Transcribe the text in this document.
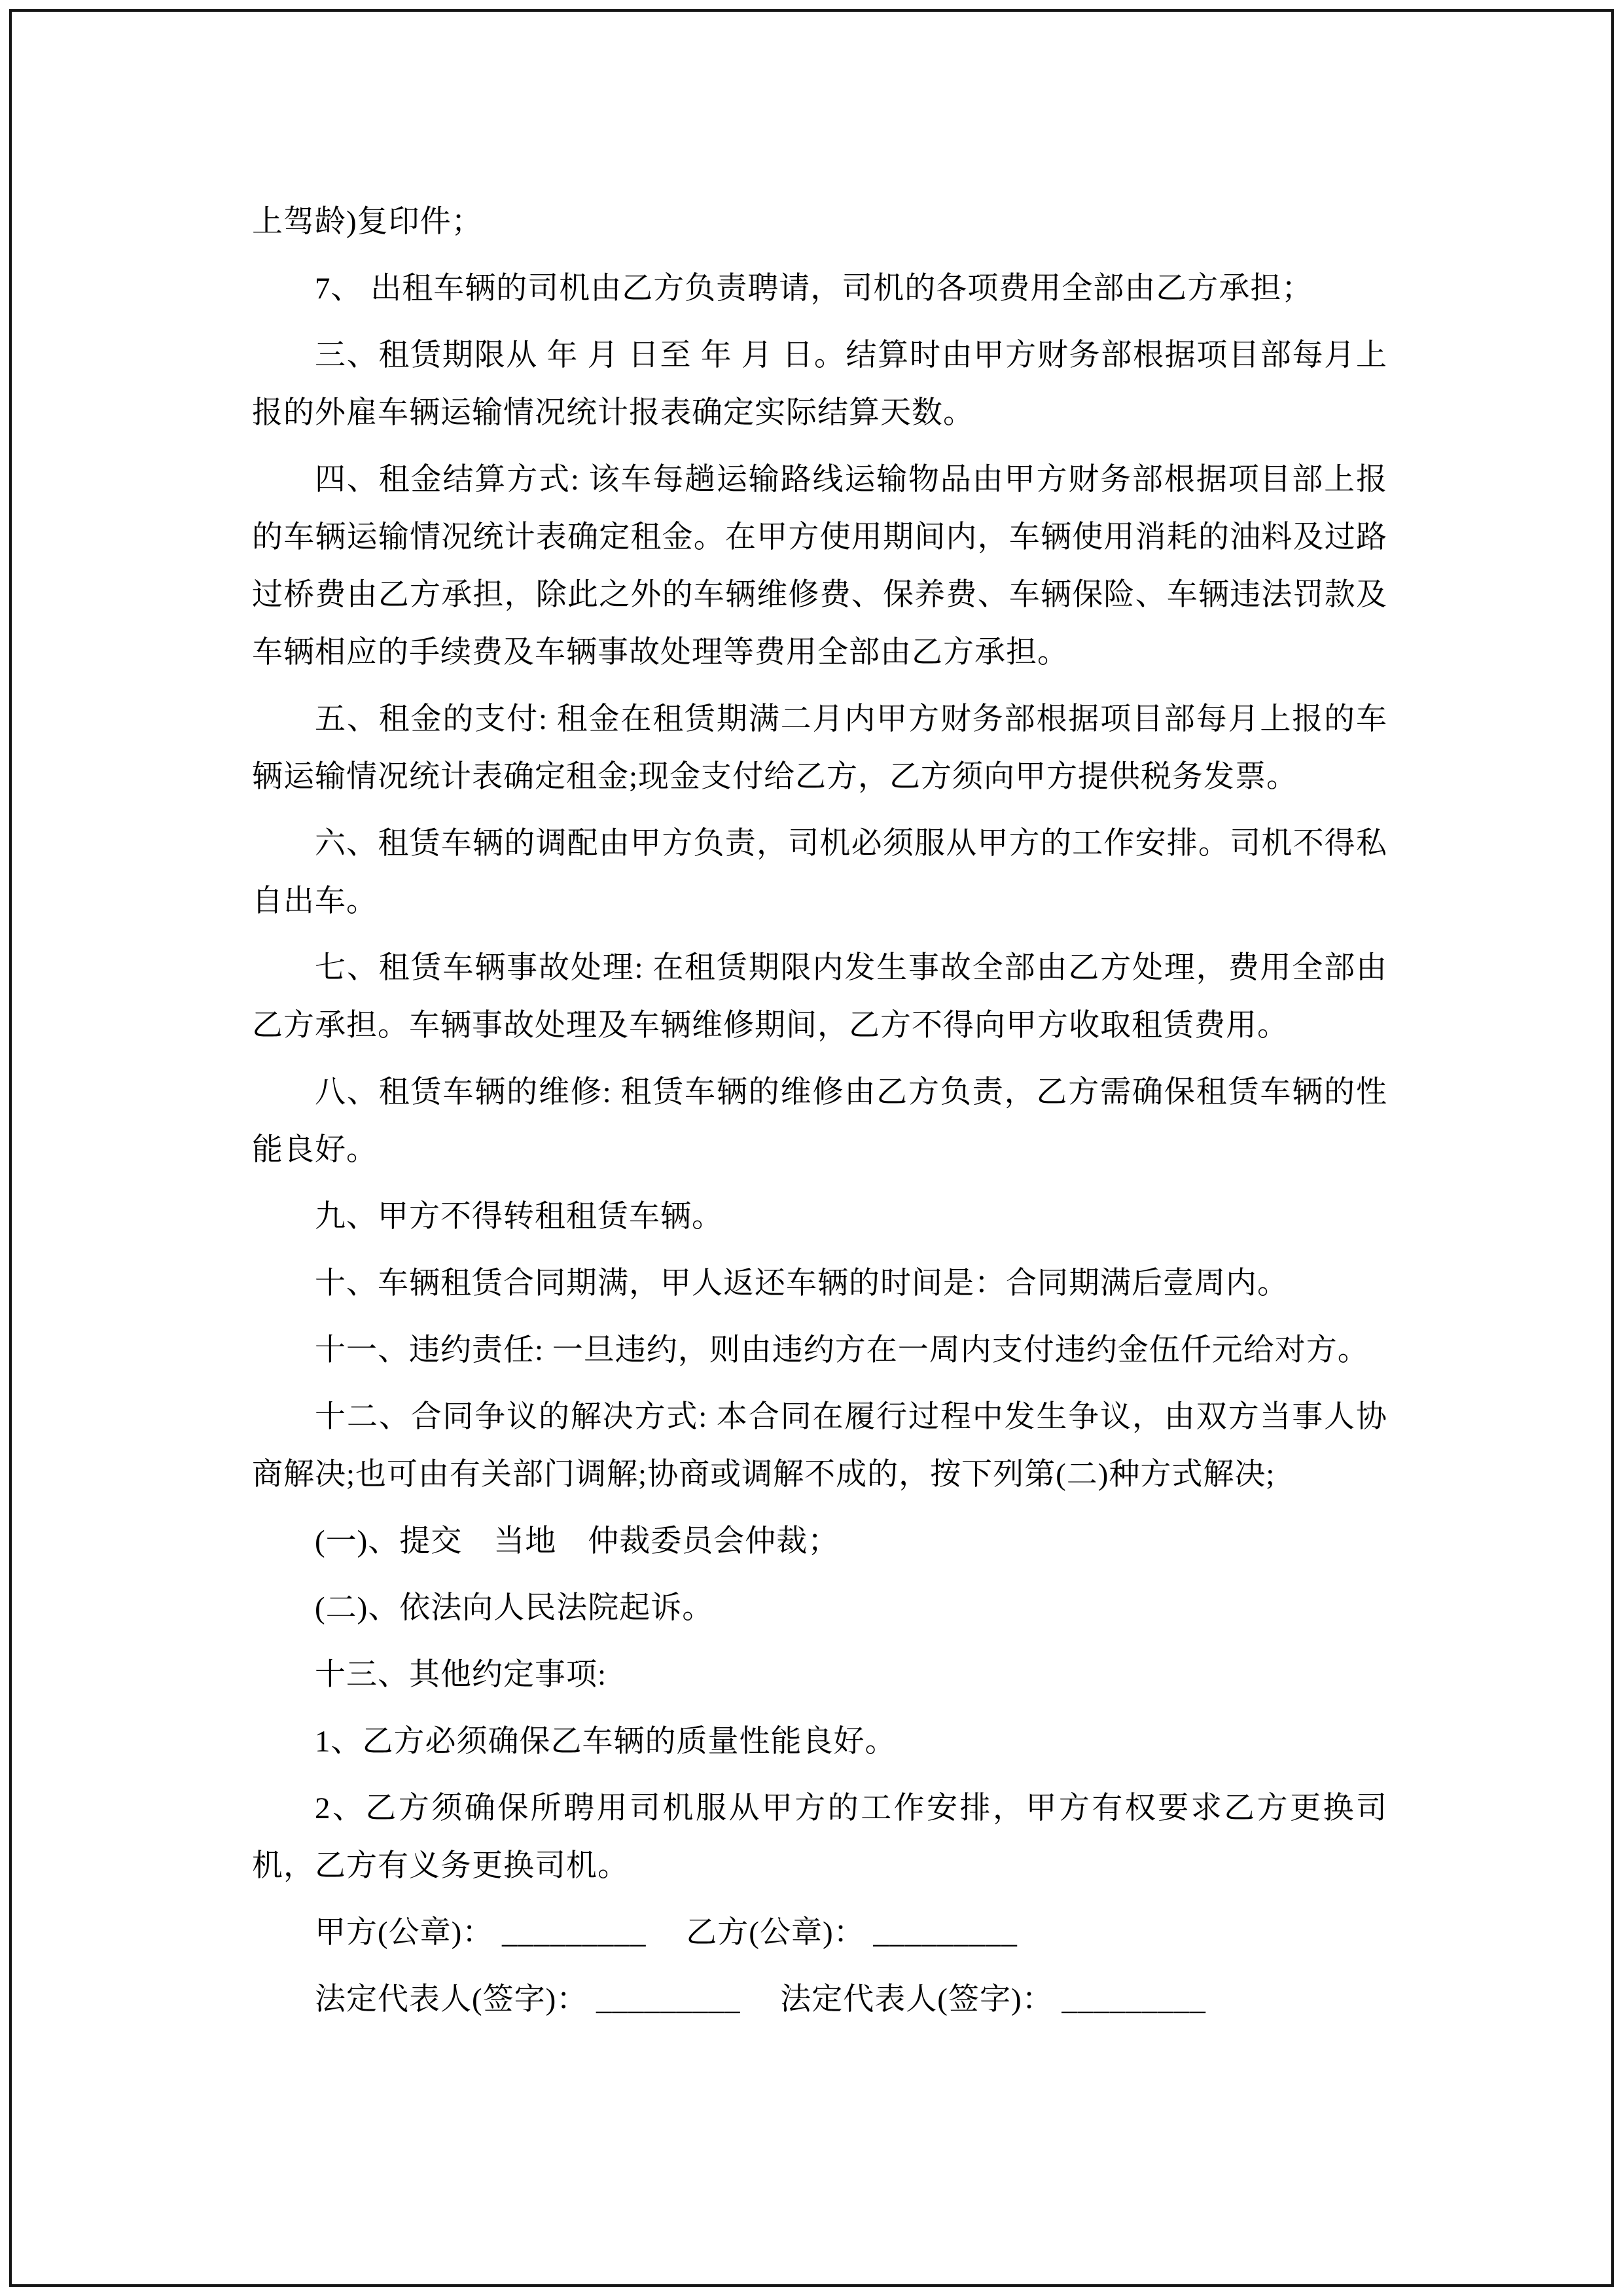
上驾龄)复印件；

7、 出租车辆的司机由乙方负责聘请，司机的各项费用全部由乙方承担；

三、租赁期限从 年 月 日至 年 月 日。结算时由甲方财务部根据项目部每月上报的外雇车辆运输情况统计报表确定实际结算天数。

四、租金结算方式: 该车每趟运输路线运输物品由甲方财务部根据项目部上报的车辆运输情况统计表确定租金。在甲方使用期间内，车辆使用消耗的油料及过路过桥费由乙方承担，除此之外的车辆维修费、保养费、车辆保险、车辆违法罚款及车辆相应的手续费及车辆事故处理等费用全部由乙方承担。

五、租金的支付: 租金在租赁期满二月内甲方财务部根据项目部每月上报的车辆运输情况统计表确定租金;现金支付给乙方，乙方须向甲方提供税务发票。

六、租赁车辆的调配由甲方负责，司机必须服从甲方的工作安排。司机不得私自出车。

七、租赁车辆事故处理: 在租赁期限内发生事故全部由乙方处理，费用全部由乙方承担。车辆事故处理及车辆维修期间，乙方不得向甲方收取租赁费用。

八、租赁车辆的维修: 租赁车辆的维修由乙方负责，乙方需确保租赁车辆的性能良好。

九、甲方不得转租租赁车辆。

十、车辆租赁合同期满，甲人返还车辆的时间是：合同期满后壹周内。

十一、违约责任: 一旦违约，则由违约方在一周内支付违约金伍仟元给对方。

十二、合同争议的解决方式: 本合同在履行过程中发生争议，由双方当事人协商解决;也可由有关部门调解;协商或调解不成的，按下列第(二)种方式解决;

(一)、提交　当地　仲裁委员会仲裁；

(二)、依法向人民法院起诉。

十三、其他约定事项:

1、乙方必须确保乙车辆的质量性能良好。

2、乙方须确保所聘用司机服从甲方的工作安排，甲方有权要求乙方更换司机，乙方有义务更换司机。

甲方(公章)： _________ 　乙方(公章)： _________

法定代表人(签字)： _________ 　法定代表人(签字)： _________
